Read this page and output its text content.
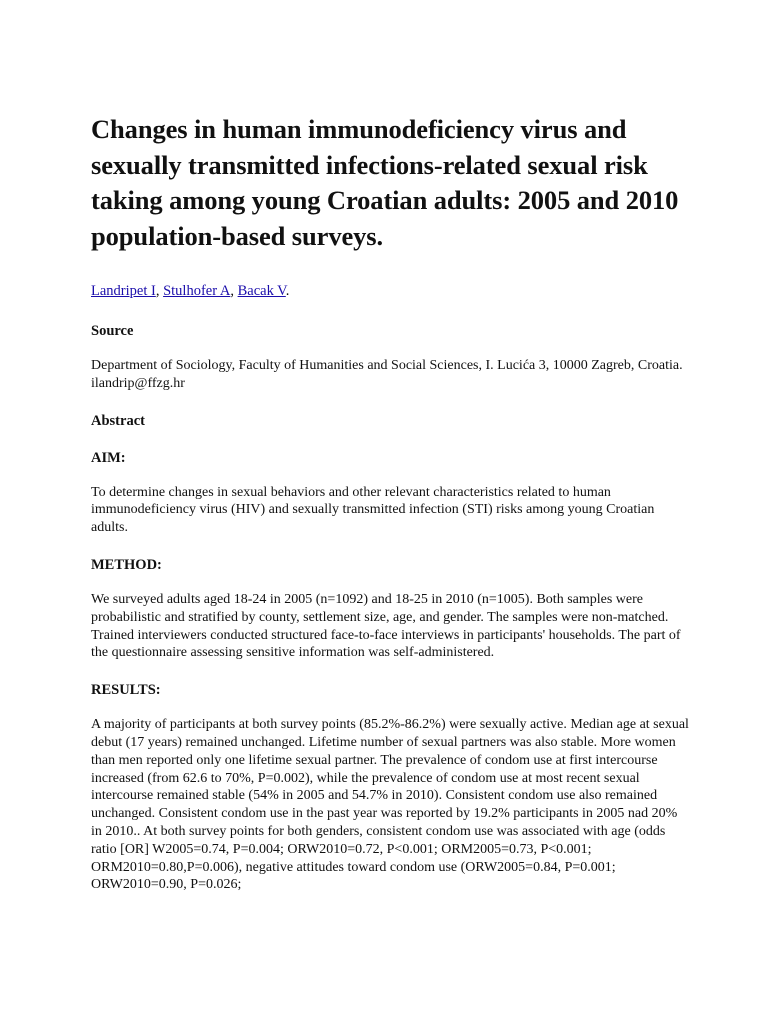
Changes in human immunodeficiency virus and sexually transmitted infections-related sexual risk taking among young Croatian adults: 2005 and 2010 population-based surveys.
Landripet I, Stulhofer A, Bacak V.
Source

Department of Sociology, Faculty of Humanities and Social Sciences, I. Lucića 3, 10000 Zagreb, Croatia. ilandrip@ffzg.hr

Abstract
AIM:

To determine changes in sexual behaviors and other relevant characteristics related to human immunodeficiency virus (HIV) and sexually transmitted infection (STI) risks among young Croatian adults.

METHOD:

We surveyed adults aged 18-24 in 2005 (n=1092) and 18-25 in 2010 (n=1005). Both samples were probabilistic and stratified by county, settlement size, age, and gender. The samples were non-matched. Trained interviewers conducted structured face-to-face interviews in participants' households. The part of the questionnaire assessing sensitive information was self-administered.

RESULTS:

A majority of participants at both survey points (85.2%-86.2%) were sexually active. Median age at sexual debut (17 years) remained unchanged. Lifetime number of sexual partners was also stable. More women than men reported only one lifetime sexual partner. The prevalence of condom use at first intercourse increased (from 62.6 to 70%, P=0.002), while the prevalence of condom use at most recent sexual intercourse remained stable (54% in 2005 and 54.7% in 2010). Consistent condom use also remained unchanged. Consistent condom use in the past year was reported by 19.2% participants in 2005 nad 20% in 2010.. At both survey points for both genders, consistent condom use was associated with age (odds ratio [OR] W2005=0.74, P=0.004; ORW2010=0.72, P<0.001; ORM2005=0.73, P<0.001; ORM2010=0.80,P=0.006), negative attitudes toward condom use (ORW2005=0.84, P=0.001; ORW2010=0.90, P=0.026;
